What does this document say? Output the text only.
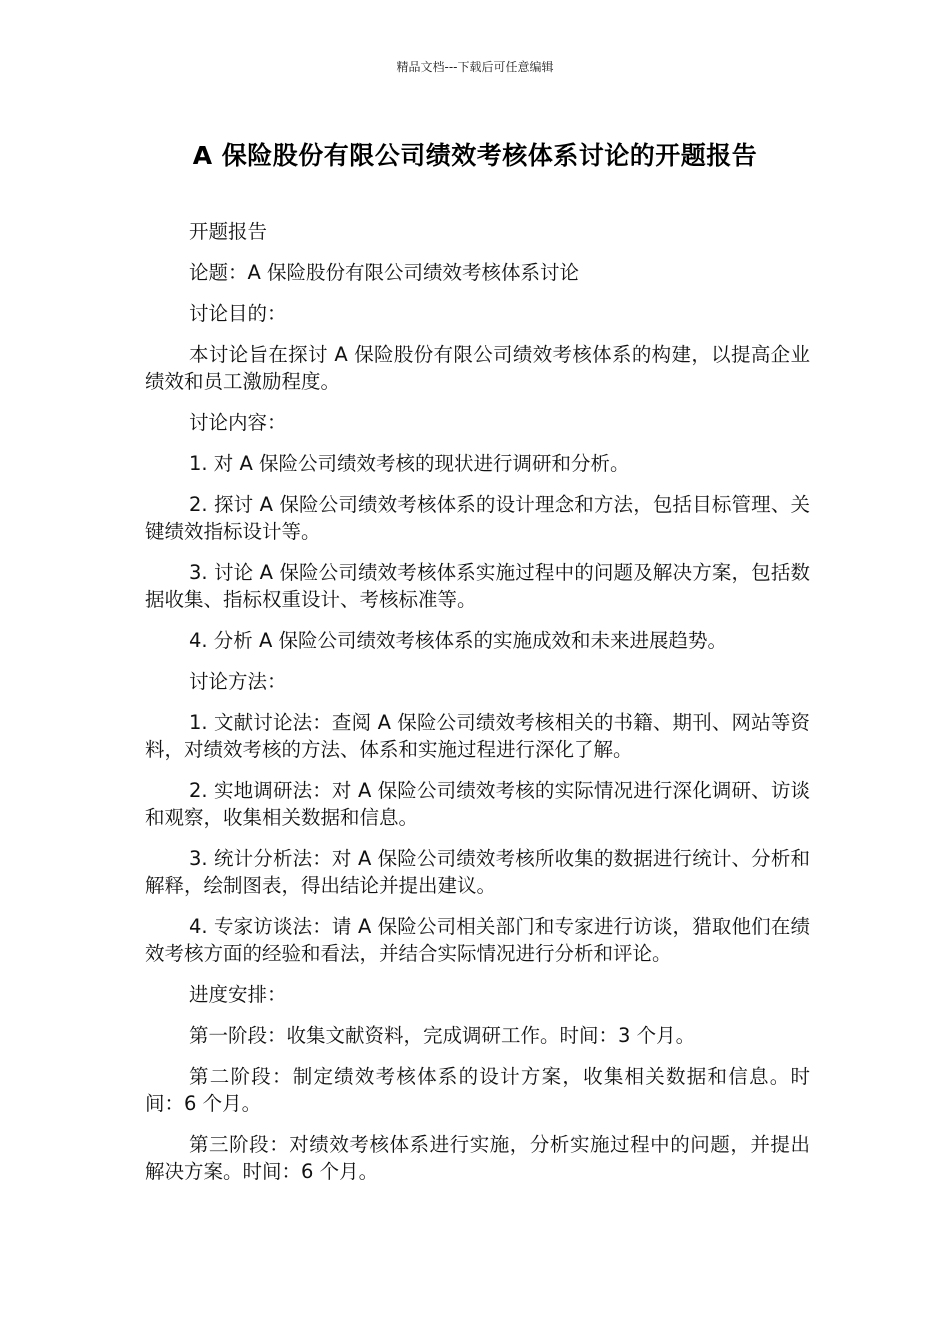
精品文档---下载后可任意编辑
A 保险股份有限公司绩效考核体系讨论的开题报告

开题报告

论题：A 保险股份有限公司绩效考核体系讨论

讨论目的：

本讨论旨在探讨 A 保险股份有限公司绩效考核体系的构建，以提高企业绩效和员工激励程度。

讨论内容：

1. 对 A 保险公司绩效考核的现状进行调研和分析。

2. 探讨 A 保险公司绩效考核体系的设计理念和方法，包括目标管理、关键绩效指标设计等。

3. 讨论 A 保险公司绩效考核体系实施过程中的问题及解决方案，包括数据收集、指标权重设计、考核标准等。

4. 分析 A 保险公司绩效考核体系的实施成效和未来进展趋势。

讨论方法：

1. 文献讨论法：查阅 A 保险公司绩效考核相关的书籍、期刊、网站等资料，对绩效考核的方法、体系和实施过程进行深化了解。

2. 实地调研法：对 A 保险公司绩效考核的实际情况进行深化调研、访谈和观察，收集相关数据和信息。

3. 统计分析法：对 A 保险公司绩效考核所收集的数据进行统计、分析和解释，绘制图表，得出结论并提出建议。

4. 专家访谈法：请 A 保险公司相关部门和专家进行访谈，猎取他们在绩效考核方面的经验和看法，并结合实际情况进行分析和评论。

进度安排：

第一阶段：收集文献资料，完成调研工作。时间：3 个月。

第二阶段：制定绩效考核体系的设计方案，收集相关数据和信息。时间：6 个月。

第三阶段：对绩效考核体系进行实施，分析实施过程中的问题，并提出解决方案。时间：6 个月。
